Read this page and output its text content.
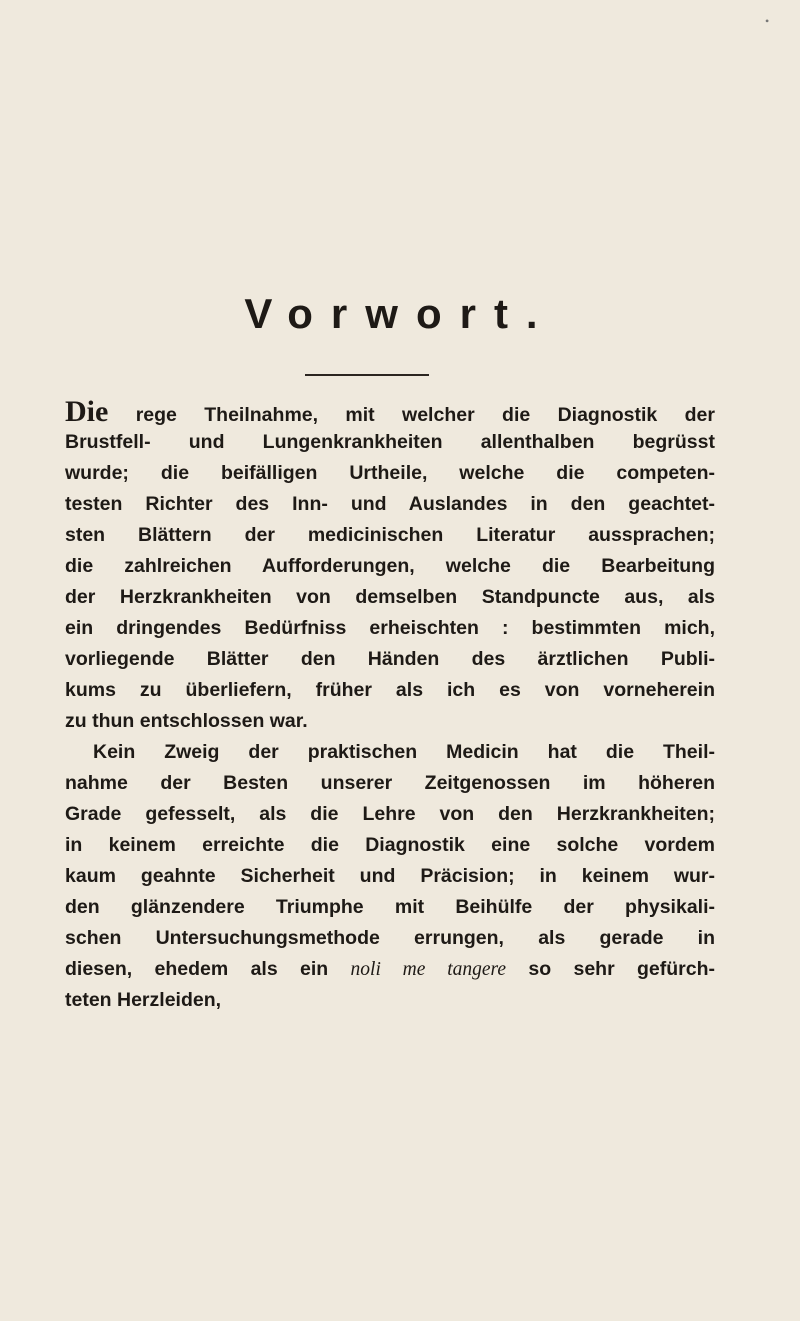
•
Vorwort.
Die rege Theilnahme, mit welcher die Diagnostik der
Brustfell- und Lungenkrankheiten allenthalben begrüsst
wurde; die beifälligen Urtheile, welche die competen-
testen Richter des Inn- und Auslandes in den geachtet-
sten Blättern der medicinischen Literatur aussprachen;
die zahlreichen Aufforderungen, welche die Bearbeitung
der Herzkrankheiten von demselben Standpuncte aus, als
ein dringendes Bedürfniss erheischten : bestimmten mich,
vorliegende Blätter den Händen des ärztlichen Publi-
kums zu überliefern, früher als ich es von vorneherein
zu thun entschlossen war.
Kein Zweig der praktischen Medicin hat die Theil-
nahme der Besten unserer Zeitgenossen im höheren
Grade gefesselt, als die Lehre von den Herzkrankheiten;
in keinem erreichte die Diagnostik eine solche vordem
kaum geahnte Sicherheit und Präcision; in keinem wur-
den glänzendere Triumphe mit Beihülfe der physikali-
schen Untersuchungsmethode errungen, als gerade in
diesen, ehedem als ein noli me tangere so sehr gefürch-
teten Herzleiden,
